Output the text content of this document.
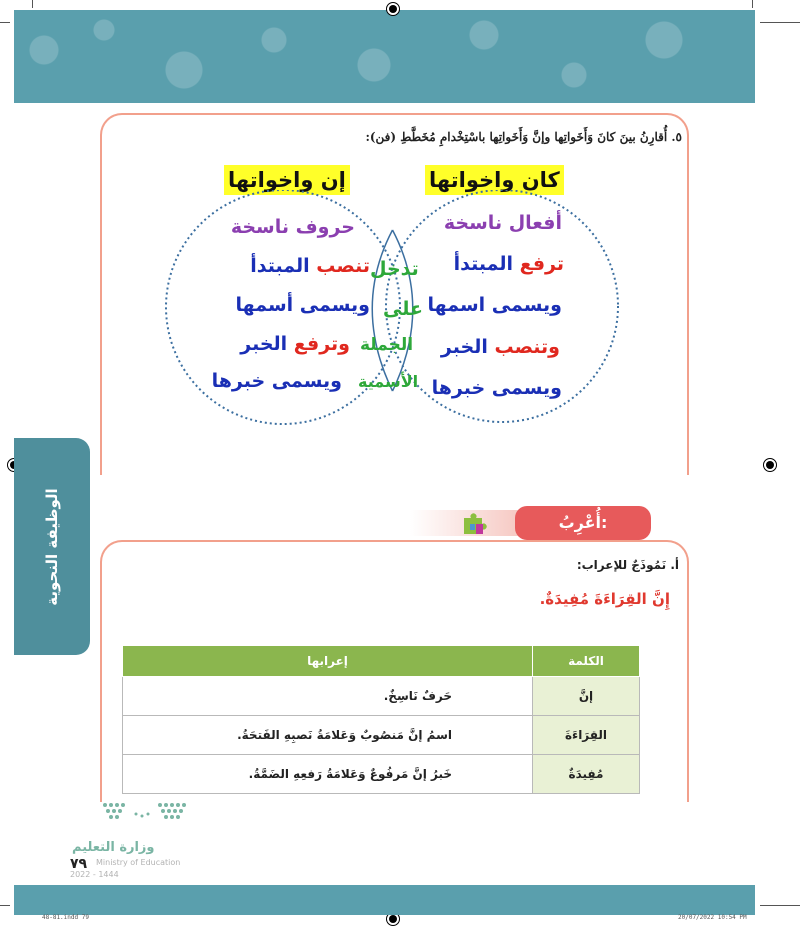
٥. أُقارِنُ بينَ كانَ وَأَخَواتِها وإنَّ وَأَخَواتِها باسْتِخْدامِ مُخَطَّطِ (فن):
إن واخواتها	كان واخواتها
حروف ناسخة
تنصب المبتدأ
ويسمى أسمها
وترفع الخبر
ويسمى خبرها
تدخل
على
الجملة
الأسمية
أفعال ناسخة
ترفع المبتدأ
ويسمى اسمها
وتنصب الخبر
ويسمى خبرها
الوظيفة النحوية	أُعْرِبُ:
أ. نَمُوذَجٌ للإعراب:
إِنَّ القِرَاءَةَ مُفِيدَةٌ.
الكلمة	إعرابها
إنَّ	حَرفٌ نَاسِخٌ.
القِرَاءَةَ	اسمُ إنَّ مَنصُوبٌ وَعَلامَةُ نَصبِهِ الفَتحَةُ.
مُفِيدَةٌ	خَبرُ إنَّ مَرفُوعٌ وَعَلامَةُ رَفعِهِ الضَمَّةُ.
وزارة التعليم
Ministry of Education
2022 - 1444
٧٩
48-81.indd 79	20/07/2022 10:54 PM
